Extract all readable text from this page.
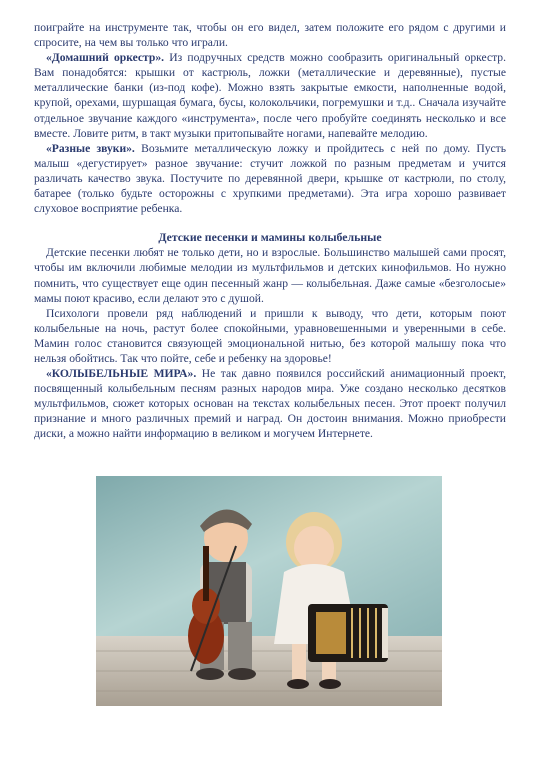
поиграйте на инструменте так, чтобы он его видел, затем положите его рядом с другими и спросите, на чем вы только что играли.

«Домашний оркестр». Из подручных средств можно сообразить оригинальный оркестр. Вам понадобятся: крышки от кастрюль, ложки (металлические и деревянные), пустые металлические банки (из-под кофе). Можно взять закрытые емкости, наполненные водой, крупой, орехами, шуршащая бумага, бусы, колокольчики, погремушки и т.д.. Сначала изучайте отдельное звучание каждого «инструмента», после чего пробуйте соединять несколько и все вместе. Ловите ритм, в такт музыки притопывайте ногами, напевайте мелодию.

«Разные звуки». Возьмите металлическую ложку и пройдитесь с ней по дому. Пусть малыш «дегустирует» разное звучание: стучит ложкой по разным предметам и учится различать качество звука. Постучите по деревянной двери, крышке от кастрюли, по столу, батарее (только будьте осторожны с хрупкими предметами). Эта игра хорошо развивает слуховое восприятие ребенка.

Детские песенки и мамины колыбельные

Детские песенки любят не только дети, но и взрослые. Большинство малышей сами просят, чтобы им включили любимые мелодии из мультфильмов и детских кинофильмов. Но нужно помнить, что существует еще один песенный жанр — колыбельная. Даже самые «безголосые» мамы поют красиво, если делают это с душой.

Психологи провели ряд наблюдений и пришли к выводу, что дети, которым поют колыбельные на ночь, растут более спокойными, уравновешенными и уверенными в себе. Мамин голос становится связующей эмоциональной нитью, без которой малышу пока что нельзя обойтись. Так что пойте, себе и ребенку на здоровье!

«КОЛЫБЕЛЬНЫЕ МИРА». Не так давно появился российский анимационный проект, посвященный колыбельным песням разных народов мира. Уже создано несколько десятков мультфильмов, сюжет которых основан на текстах колыбельных песен. Этот проект получил признание и много различных премий и наград. Он достоин внимания. Можно приобрести диски, а можно найти информацию в великом и могучем Интернете.
